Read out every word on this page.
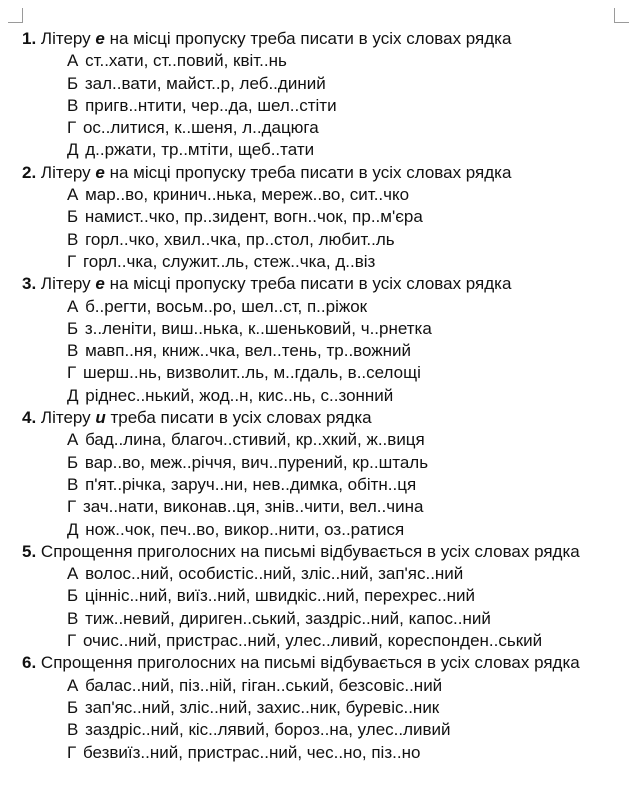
1. Літеру е на місці пропуску треба писати в усіх словах рядка
А ст..хати, ст..повий, квіт..нь
Б зал..вати, майст..р, леб..диний
В пригв..нтити, чер..да, шел..стіти
Г ос..литися, к..шеня, л..дацюга
Д д..ржати, тр..мтіти, щеб..тати
2. Літеру е на місці пропуску треба писати в усіх словах рядка
А мар..во, кринич..нька, мереж..во, сит..чко
Б намист..чко, пр..зидент, вогн..чок, пр..м'єра
В горл..чко, хвил..чка, пр..стол, любит..ль
Г горл..чка, служит..ль, стеж..чка, д..віз
3. Літеру е на місці пропуску треба писати в усіх словах рядка
А б..регти, восьм..ро, шел..ст, п..ріжок
Б з..леніти, виш..нька, к..шеньковий, ч..рнетка
В мавп..ня, книж..чка, вел..тень, тр..вожний
Г шерш..нь, визволит..ль, м..гдаль, в..селощі
Д ріднес..нький, жод..н, кис..нь, с..зонний
4. Літеру и треба писати в усіх словах рядка
А бад..лина, благоч..стивий, кр..хкий, ж..виця
Б вар..во, меж..річчя, вич..пурений, кр..шталь
В п'ят..річка, заруч..ни, нев..димка, обітн..ця
Г зач..нати, виконав..ця, знів..чити, вел..чина
Д нож..чок, печ..во, викор..нити, оз..ратися
5. Спрощення приголосних на письмі відбувається в усіх словах рядка
А волос..ний, особистіс..ний, зліс..ний, зап'яс..ний
Б цінніс..ний, виїз..ний, швидкіс..ний, перехрес..ний
В тиж..невий, дириген..ський, заздріс..ний, капос..ний
Г очис..ний, пристрас..ний, улес..ливий, кореспонден..ський
6. Спрощення приголосних на письмі відбувається в усіх словах рядка
А балас..ний, піз..ній, гіган..ський, безсовіс..ний
Б зап'яс..ний, зліс..ний, захис..ник, буревіс..ник
В заздріс..ний, кіс..лявий, бороз..на, улес..ливий
Г безвиїз..ний, пристрас..ний, чес..но, піз..но
